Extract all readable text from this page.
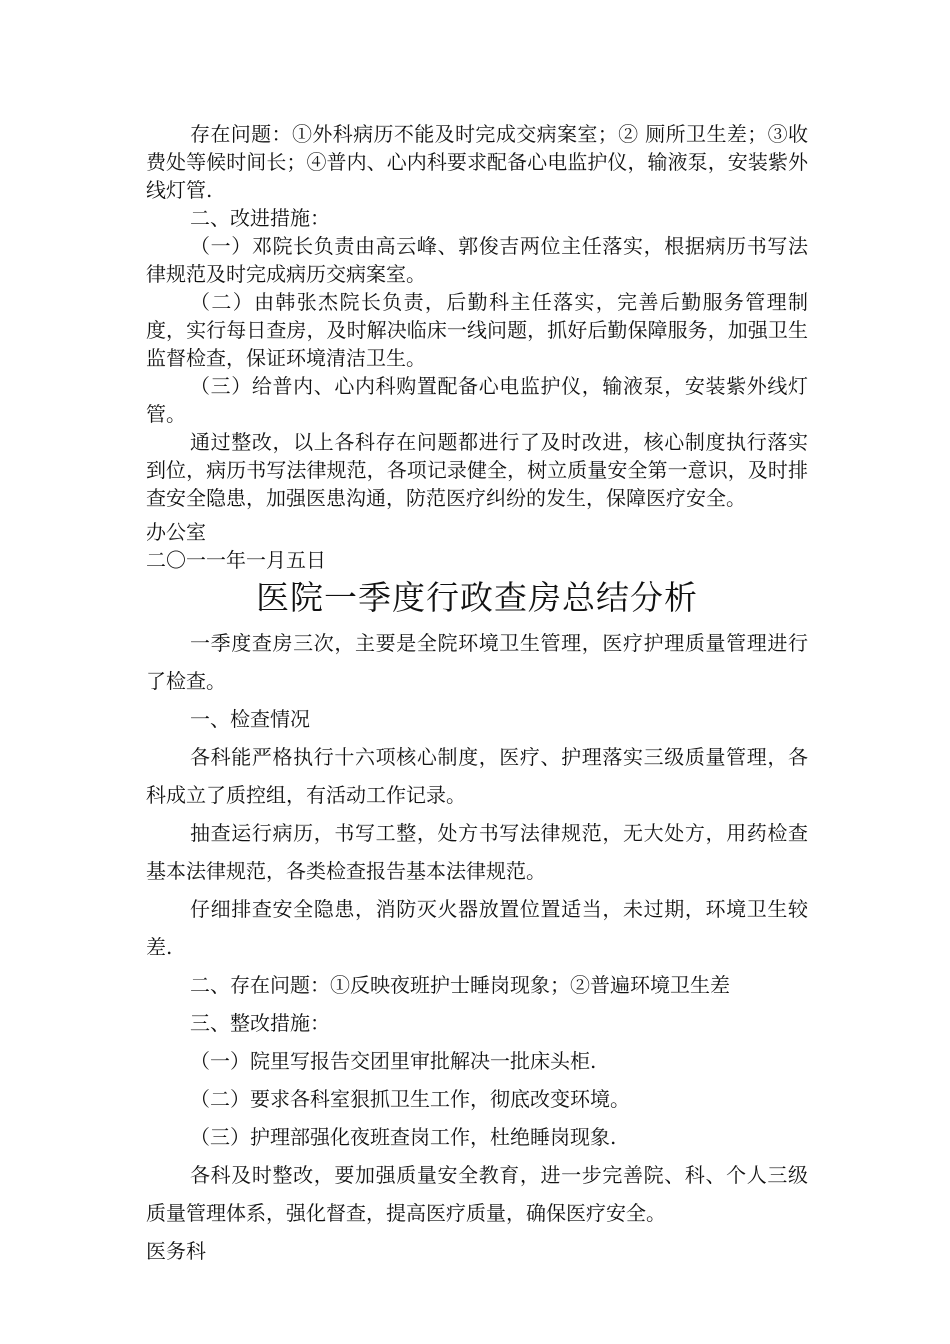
存在问题：①外科病历不能及时完成交病案室；② 厕所卫生差；③收费处等候时间长；④普内、心内科要求配备心电监护仪，输液泵，安装紫外线灯管.

二、改进措施：

（一）邓院长负责由高云峰、郭俊吉两位主任落实，根据病历书写法律规范及时完成病历交病案室。

（二）由韩张杰院长负责，后勤科主任落实，完善后勤服务管理制度，实行每日查房，及时解决临床一线问题，抓好后勤保障服务，加强卫生监督检查，保证环境清洁卫生。

（三）给普内、心内科购置配备心电监护仪，输液泵，安装紫外线灯管。

通过整改，以上各科存在问题都进行了及时改进，核心制度执行落实到位，病历书写法律规范，各项记录健全，树立质量安全第一意识，及时排查安全隐患，加强医患沟通，防范医疗纠纷的发生，保障医疗安全。

办公室

二〇一一年一月五日

医院一季度行政查房总结分析

一季度查房三次，主要是全院环境卫生管理，医疗护理质量管理进行了检查。

一、检查情况

各科能严格执行十六项核心制度，医疗、护理落实三级质量管理，各科成立了质控组，有活动工作记录。

抽查运行病历，书写工整，处方书写法律规范，无大处方，用药检查基本法律规范，各类检查报告基本法律规范。

仔细排查安全隐患，消防灭火器放置位置适当，未过期，环境卫生较差.

二、存在问题：①反映夜班护士睡岗现象；②普遍环境卫生差

三、整改措施：

（一）院里写报告交团里审批解决一批床头柜.

（二）要求各科室狠抓卫生工作，彻底改变环境。

（三）护理部强化夜班查岗工作，杜绝睡岗现象.

各科及时整改，要加强质量安全教育，进一步完善院、科、个人三级质量管理体系，强化督查，提高医疗质量，确保医疗安全。

医务科
